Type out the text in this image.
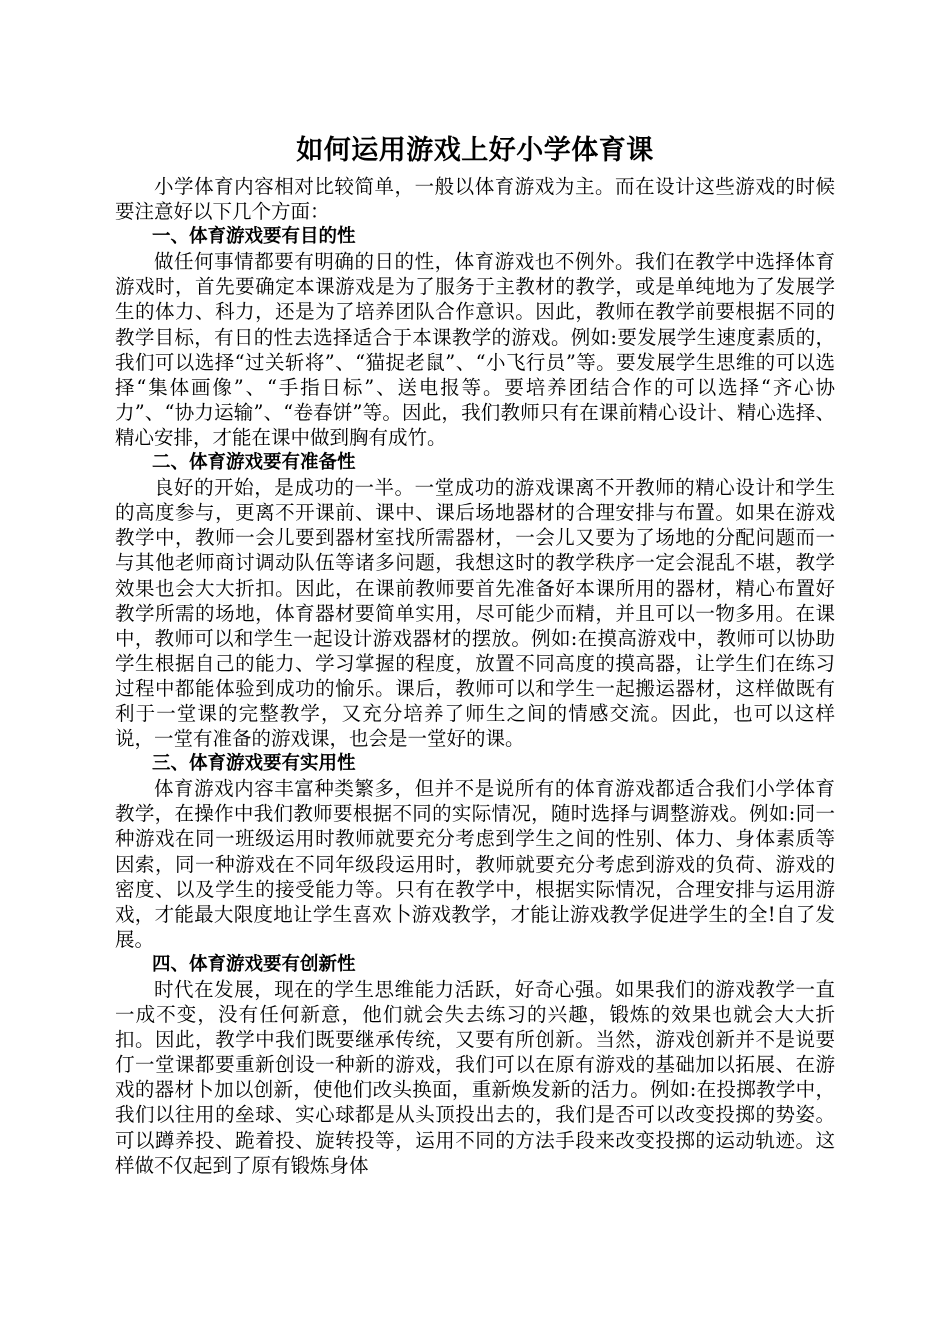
如何运用游戏上好小学体育课

小学体育内容相对比较简单，一般以体育游戏为主。而在设计这些游戏的时候要注意好以下几个方面：

一、体育游戏要有目的性

做任何事情都要有明确的日的性，体育游戏也不例外。我们在教学中选择体育游戏时，首先要确定本课游戏是为了服务于主教材的教学，或是单纯地为了发展学生的体力、科力，还是为了培养团队合作意识。因此，教师在教学前要根据不同的教学目标，有日的性去选择适合于本课教学的游戏。例如:要发展学生速度素质的，我们可以选择“过关斩将”、“猫捉老鼠”、“小飞行员”等。要发展学生思维的可以选择“集体画像”、“手指日标”、送电报等。要培养团结合作的可以选择“齐心协力”、“协力运输”、“卷春饼”等。因此，我们教师只有在课前精心设计、精心选择、精心安排，才能在课中做到胸有成竹。

二、体育游戏要有准备性

良好的开始，是成功的一半。一堂成功的游戏课离不开教师的精心设计和学生的高度参与，更离不开课前、课中、课后场地器材的合理安排与布置。如果在游戏教学中，教师一会儿要到器材室找所需器材，一会儿又要为了场地的分配问题而一与其他老师商讨调动队伍等诸多问题，我想这时的教学秩序一定会混乱不堪，教学效果也会大大折扣。因此，在课前教师要首先准备好本课所用的器材，精心布置好教学所需的场地，体育器材要简单实用，尽可能少而精，并且可以一物多用。在课中，教师可以和学生一起设计游戏器材的摆放。例如:在摸高游戏中，教师可以协助学生根据自己的能力、学习掌握的程度，放置不同高度的摸高器，让学生们在练习过程中都能体验到成功的愉乐。课后，教师可以和学生一起搬运器材，这样做既有利于一堂课的完整教学，又充分培养了师生之间的情感交流。因此，也可以这样说，一堂有准备的游戏课，也会是一堂好的课。

三、体育游戏要有实用性

体育游戏内容丰富种类繁多，但并不是说所有的体育游戏都适合我们小学体育教学，在操作中我们教师要根据不同的实际情况，随时选择与调整游戏。例如:同一种游戏在同一班级运用时教师就要充分考虑到学生之间的性别、体力、身体素质等因索，同一种游戏在不同年级段运用时，教师就要充分考虑到游戏的负荷、游戏的密度、以及学生的接受能力等。只有在教学中，根据实际情况，合理安排与运用游戏，才能最大限度地让学生喜欢卜游戏教学，才能让游戏教学促进学生的全!自了发展。

四、体育游戏要有创新性

时代在发展，现在的学生思维能力活跃，好奇心强。如果我们的游戏教学一直一成不变，没有任何新意，他们就会失去练习的兴趣，锻炼的效果也就会大大折扣。因此，教学中我们既要继承传统，又要有所创新。当然，游戏创新并不是说要仃一堂课都要重新创设一种新的游戏，我们可以在原有游戏的基础加以拓展、在游戏的器材卜加以创新，使他们改头换面，重新焕发新的活力。例如:在投掷教学中，我们以往用的垒球、实心球都是从头顶投出去的，我们是否可以改变投掷的势姿。可以蹲养投、跪着投、旋转投等，运用不同的方法手段来改变投掷的运动轨迹。这样做不仅起到了原有锻炼身体
